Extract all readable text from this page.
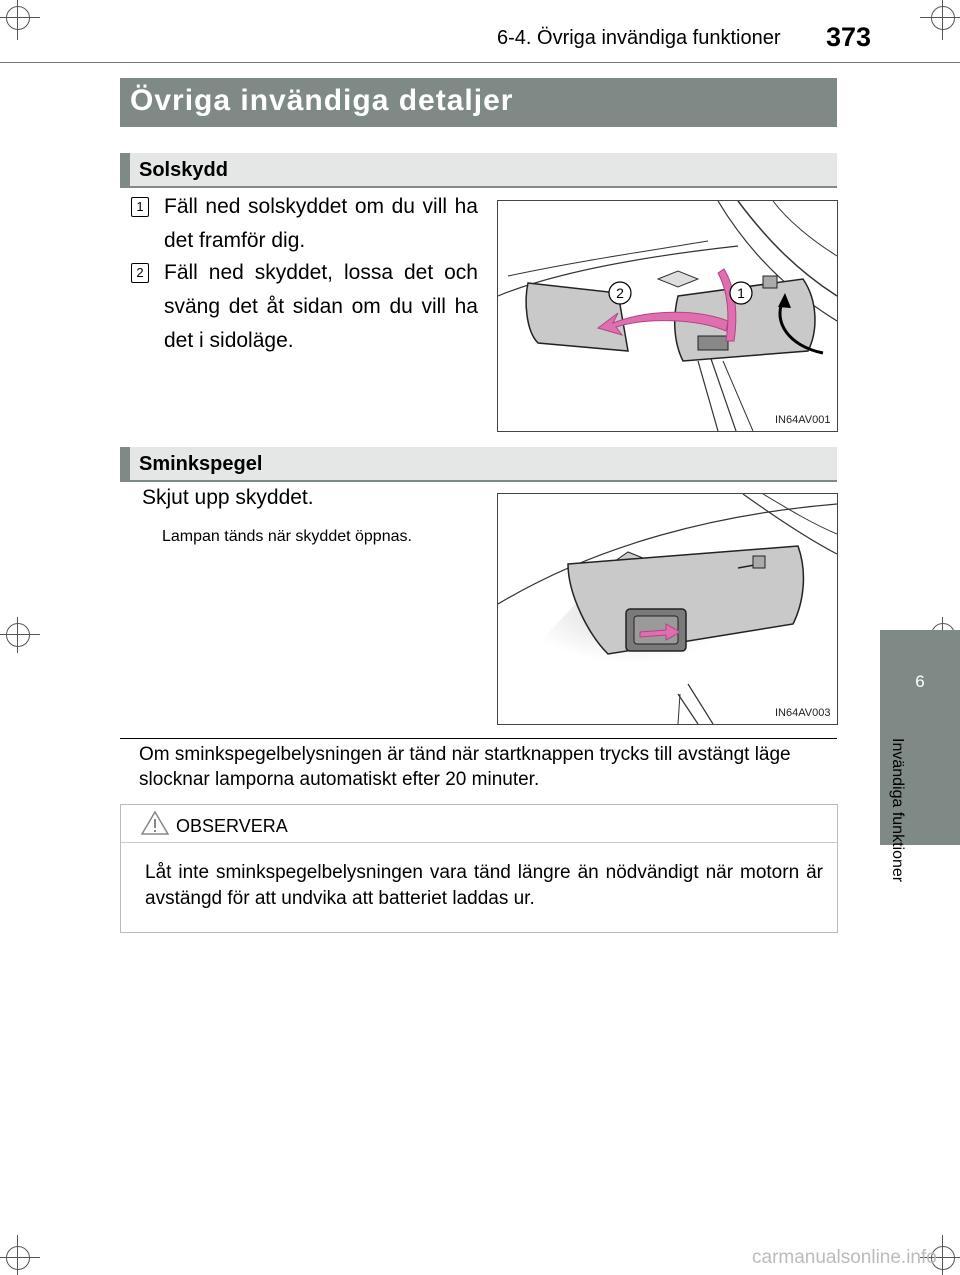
6-4. Övriga invändiga funktioner 373
Övriga invändiga detaljer
Solskydd
1 Fäll ned solskyddet om du vill ha det framför dig.
2 Fäll ned skyddet, lossa det och sväng det åt sidan om du vill ha det i sidoläge.
2	1
IN64AV001
Sminkspegel
Skjut upp skyddet.
Lampan tänds när skyddet öppnas.
IN64AV003
6
Invändiga funktioner
Om sminkspegelbelysningen är tänd när startknappen trycks till avstängt läge slocknar lamporna automatiskt efter 20 minuter.
OBSERVERA
Låt inte sminkspegelbelysningen vara tänd längre än nödvändigt när motorn är avstängd för att undvika att batteriet laddas ur.
carmanualsonline.info
